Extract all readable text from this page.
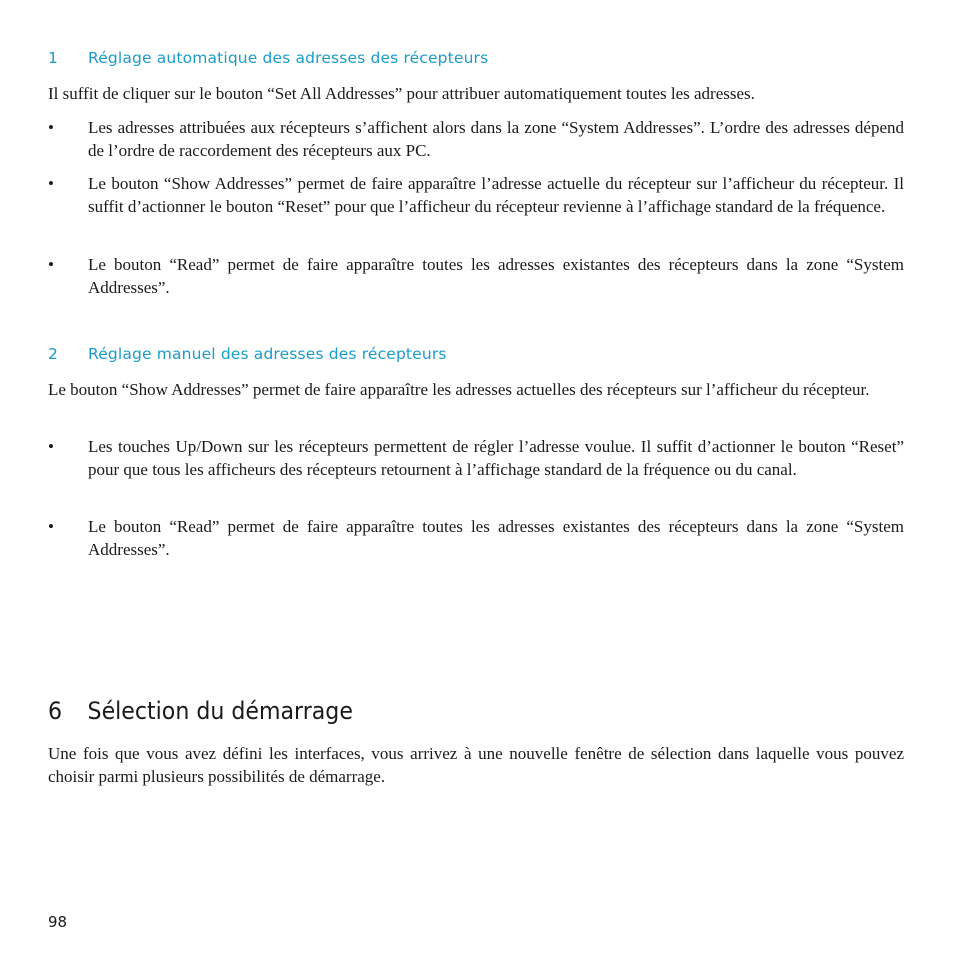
1 Réglage automatique des adresses des récepteurs

Il suffit de cliquer sur le bouton “Set All Addresses” pour attribuer automatiquement toutes les adresses.

•	Les adresses attribuées aux récepteurs s’affichent alors dans la zone “System Addresses”. L’ordre des adresses dépend de l’ordre de raccordement des récepteurs aux PC.
•	Le bouton “Show Addresses” permet de faire apparaître l’adresse actuelle du récepteur sur l’afficheur du récepteur. Il suffit d’actionner le bouton “Reset” pour que l’afficheur du récepteur revienne à l’affichage standard de la fréquence.
•	Le bouton “Read” permet de faire apparaître toutes les adresses existantes des récepteurs dans la zone “System Addresses”.
2 Réglage manuel des adresses des récepteurs

Le bouton “Show Addresses” permet de faire apparaître les adresses actuelles des récepteurs sur l’afficheur du récepteur.

•	Les touches Up/Down sur les récepteurs permettent de régler l’adresse voulue. Il suffit d’actionner le bouton “Reset” pour que tous les afficheurs des récepteurs retournent à l’affichage standard de la fréquence ou du canal.
•	Le bouton “Read” permet de faire apparaître toutes les adresses existantes des récepteurs dans la zone “System Addresses”.
6 Sélection du démarrage

Une fois que vous avez défini les interfaces, vous arrivez à une nouvelle fenêtre de sélection dans laquelle vous pouvez choisir parmi plusieurs possibilités de démarrage.

98
